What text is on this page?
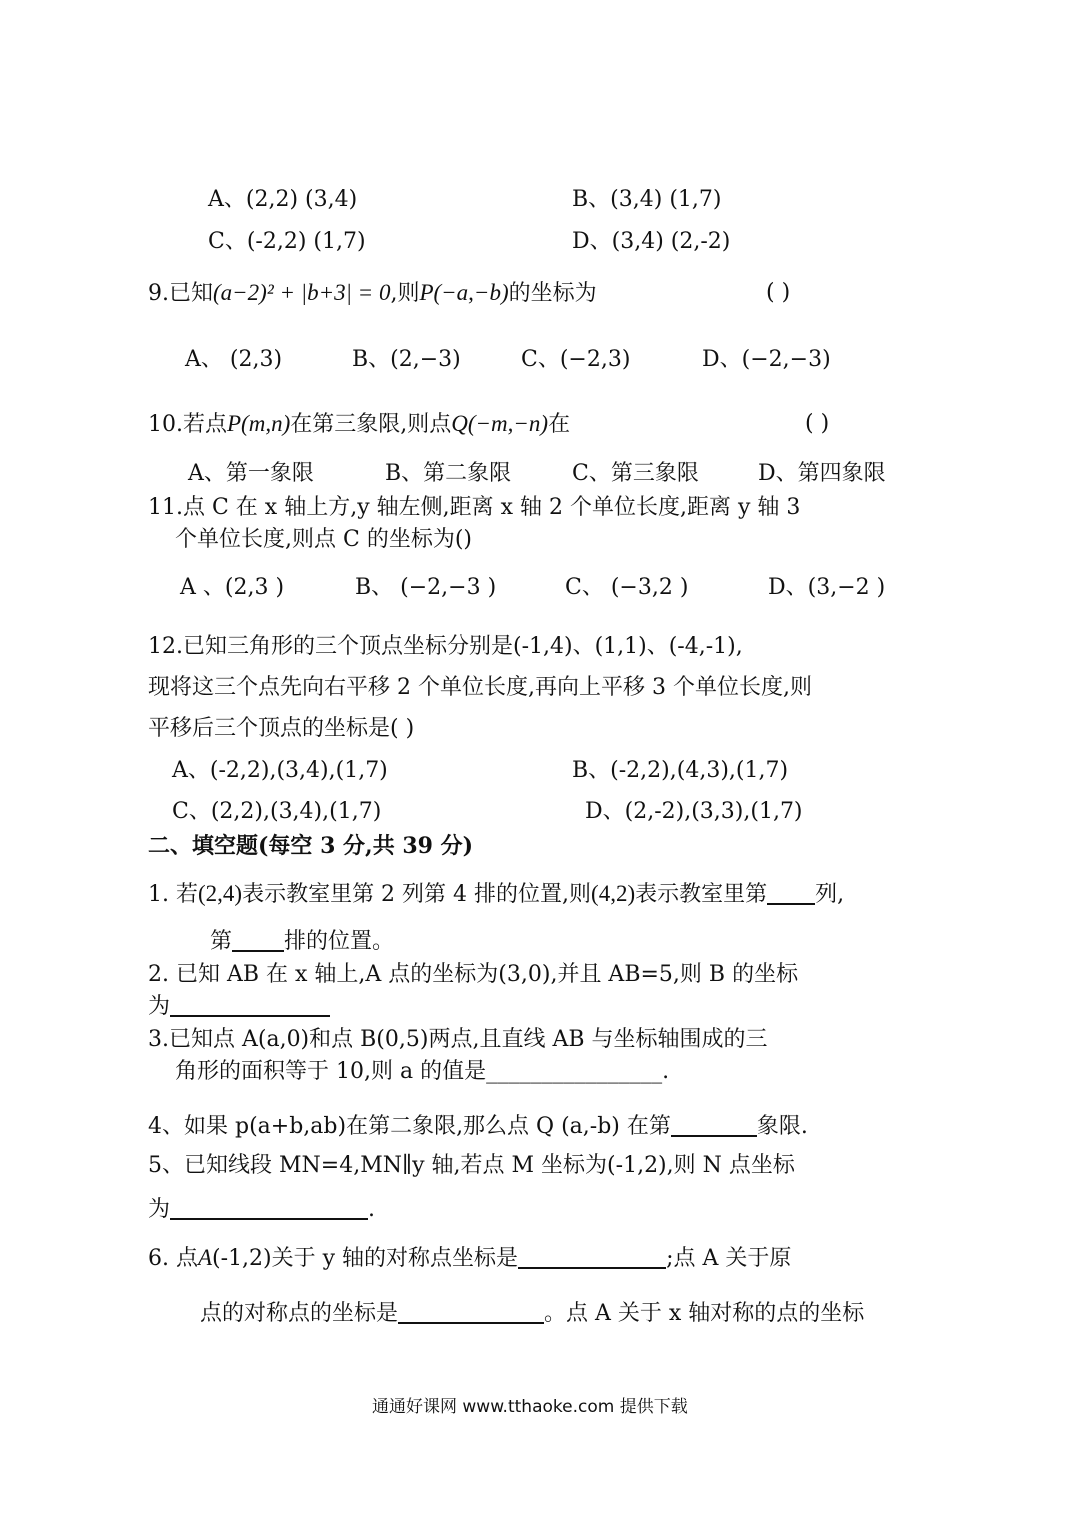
A、(2,2) (3,4)	B、(3,4) (1,7)
C、(-2,2) (1,7)	D、(3,4) (2,-2)
9.已知(a−2)² + |b+3| = 0,则P(−a,−b)的坐标为	( )
A、 (2,3)	B、(2,−3)	C、(−2,3)	D、(−2,−3)
10.若点P(m,n)在第三象限,则点Q(−m,−n)在	( )
A、第一象限	B、第二象限	C、第三象限	D、第四象限
11.点 C 在 x 轴上方,y 轴左侧,距离 x 轴 2 个单位长度,距离 y 轴 3
个单位长度,则点 C 的坐标为()
A 、(2,3 )	B、 (−2,−3 )	C、 (−3,2 )	D、(3,−2 )
12.已知三角形的三个顶点坐标分别是(-1,4)、(1,1)、(-4,-1),
现将这三个点先向右平移 2 个单位长度,再向上平移 3 个单位长度,则
平移后三个顶点的坐标是( )
A、(-2,2),(3,4),(1,7)	B、(-2,2),(4,3),(1,7)
C、(2,2),(3,4),(1,7)	D、(2,-2),(3,3),(1,7)
二、填空题(每空 3 分,共 39 分)
1. 若(2,4)表示教室里第 2 列第 4 排的位置,则(4,2)表示教室里第 列,
第 排的位置。
2. 已知 AB 在 x 轴上,A 点的坐标为(3,0),并且 AB=5,则 B 的坐标
为
3.已知点 A(a,0)和点 B(0,5)两点,且直线 AB 与坐标轴围成的三
角形的面积等于 10,则 a 的值是________________.
4、如果 p(a+b,ab)在第二象限,那么点 Q (a,-b) 在第	象限.
5、已知线段 MN=4,MN∥y 轴,若点 M 坐标为(-1,2),则 N 点坐标
为	.
6. 点A(-1,2)关于 y 轴的对称点坐标是	;点 A 关于原
点的对称点的坐标是	。点 A 关于 x 轴对称的点的坐标
通通好课网 www.tthaoke.com 提供下载
